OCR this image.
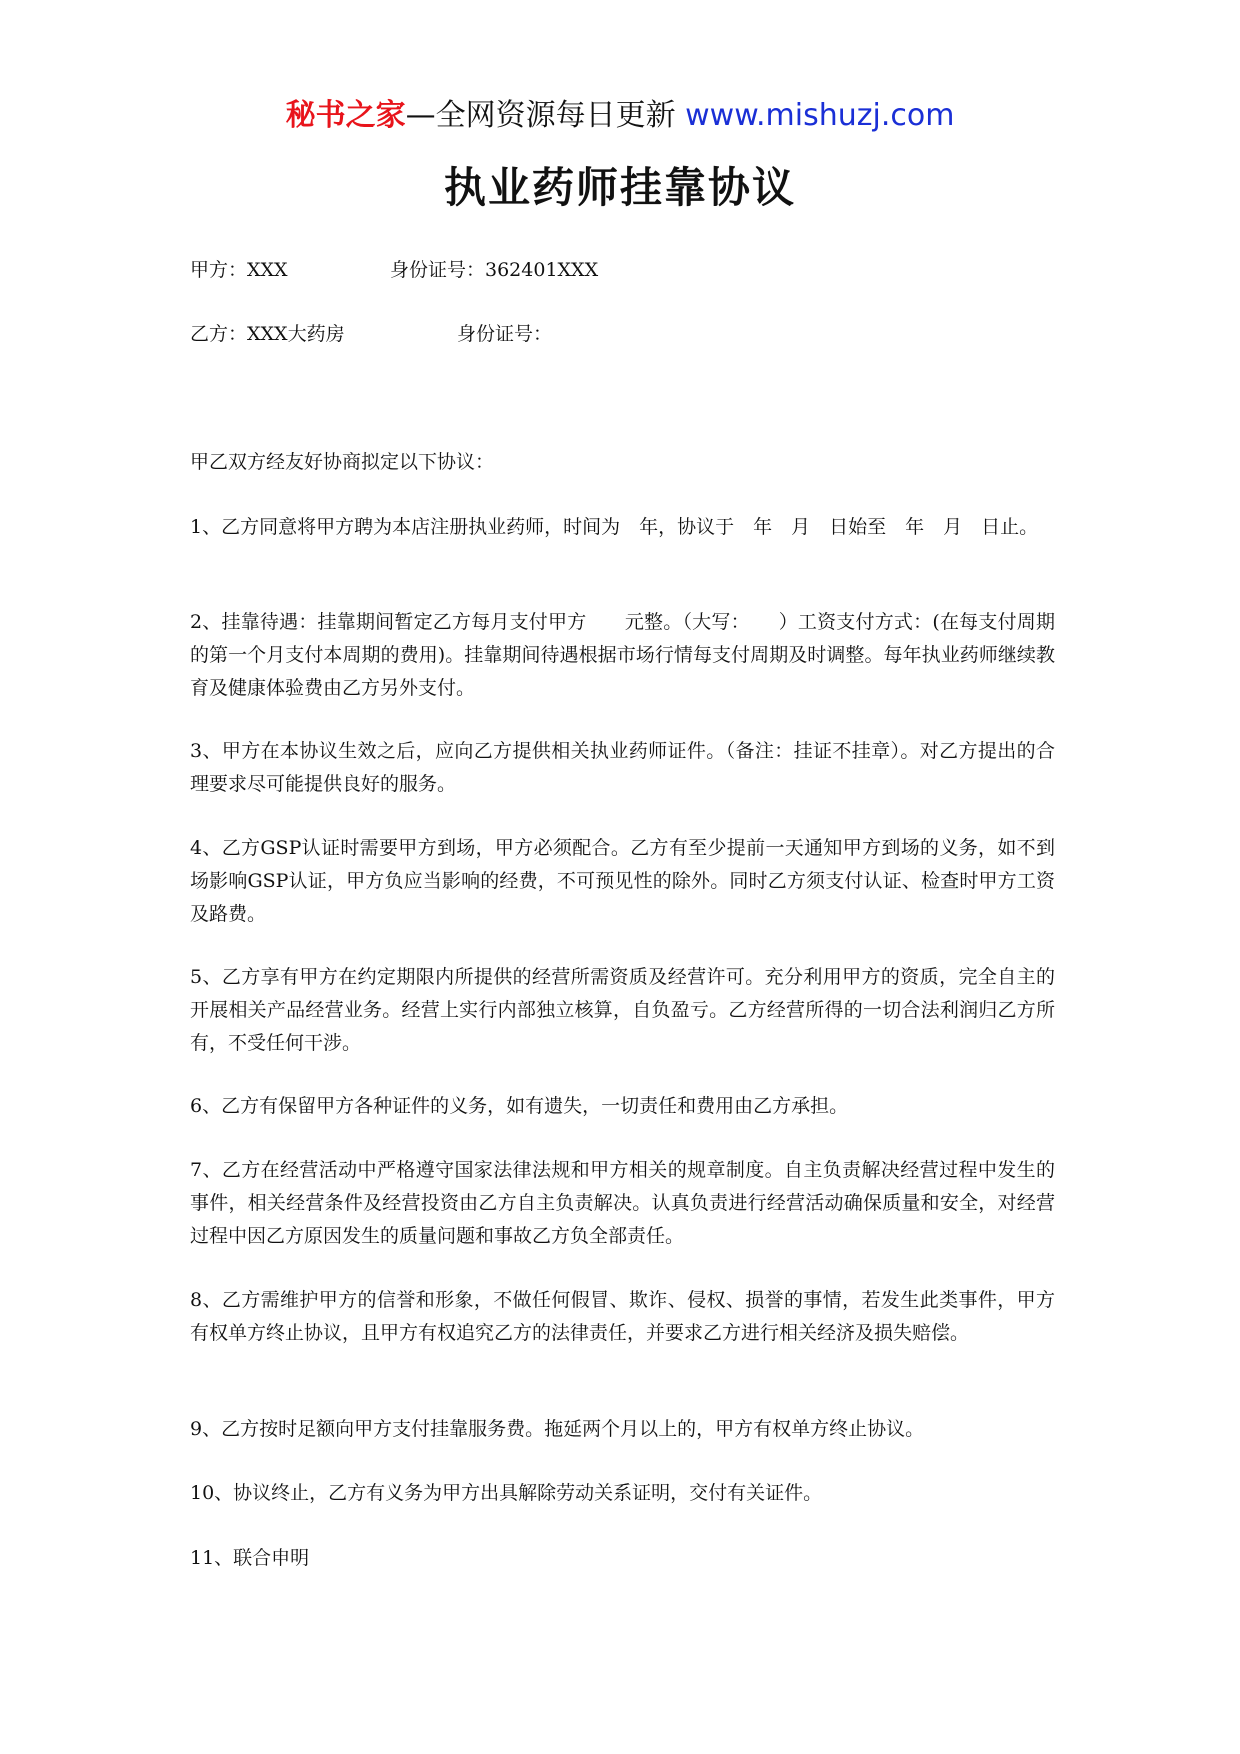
秘书之家—全网资源每日更新 www.mishuzj.com
执业药师挂靠协议
甲方：XXX	身份证号：362401XXX
乙方：XXX大药房	身份证号：

甲乙双方经友好协商拟定以下协议：

1、乙方同意将甲方聘为本店注册执业药师，时间为　年，协议于　年　月　日始至　年　月　日止。

2、挂靠待遇：挂靠期间暂定乙方每月支付甲方　　元整。（大写：　　）工资支付方式：(在每支付周期的第一个月支付本周期的费用)。挂靠期间待遇根据市场行情每支付周期及时调整。每年执业药师继续教育及健康体验费由乙方另外支付。

3、甲方在本协议生效之后，应向乙方提供相关执业药师证件。（备注：挂证不挂章）。对乙方提出的合理要求尽可能提供良好的服务。

4、乙方GSP认证时需要甲方到场，甲方必须配合。乙方有至少提前一天通知甲方到场的义务，如不到场影响GSP认证，甲方负应当影响的经费，不可预见性的除外。同时乙方须支付认证、检查时甲方工资及路费。

5、乙方享有甲方在约定期限内所提供的经营所需资质及经营许可。充分利用甲方的资质，完全自主的开展相关产品经营业务。经营上实行内部独立核算，自负盈亏。乙方经营所得的一切合法利润归乙方所有，不受任何干涉。

6、乙方有保留甲方各种证件的义务，如有遗失，一切责任和费用由乙方承担。

7、乙方在经营活动中严格遵守国家法律法规和甲方相关的规章制度。自主负责解决经营过程中发生的事件，相关经营条件及经营投资由乙方自主负责解决。认真负责进行经营活动确保质量和安全，对经营过程中因乙方原因发生的质量问题和事故乙方负全部责任。

8、乙方需维护甲方的信誉和形象，不做任何假冒、欺诈、侵权、损誉的事情，若发生此类事件，甲方有权单方终止协议，且甲方有权追究乙方的法律责任，并要求乙方进行相关经济及损失赔偿。

9、乙方按时足额向甲方支付挂靠服务费。拖延两个月以上的，甲方有权单方终止协议。

10、协议终止，乙方有义务为甲方出具解除劳动关系证明，交付有关证件。

11、联合申明
